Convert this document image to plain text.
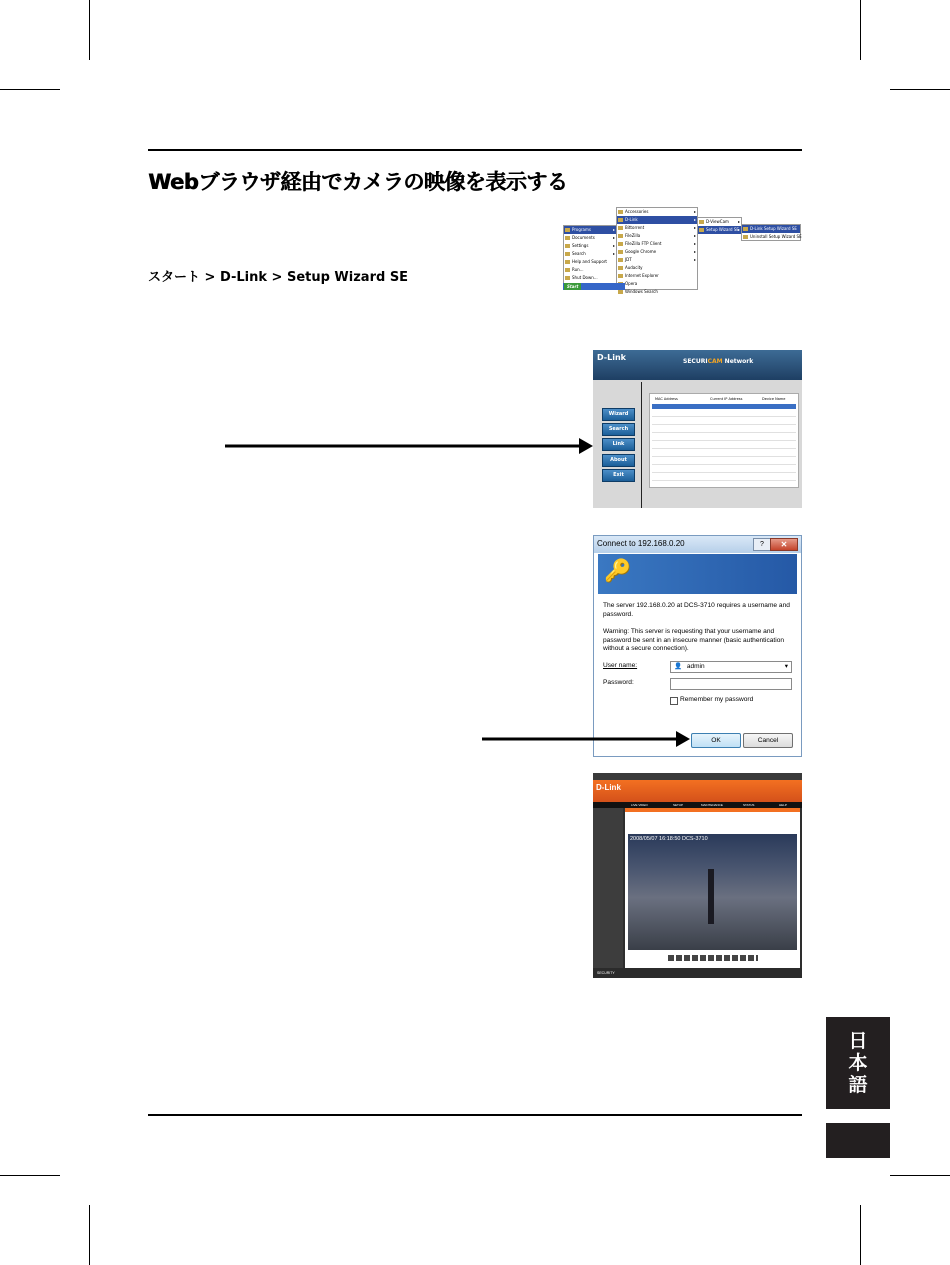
Webブラウザ経由でカメラの映像を表示する
スタート > D-Link > Setup Wizard SE
Programs ▸
Documents ▸
Settings ▸
Search ▸
Help and Support
Run...
Shut Down...
Accessories ▸
D-Link ▸
Bittorrent ▸
FileZilla ▸
FileZilla FTP Client ▸
Google Chrome ▸
JDT ▸
Audacity
Internet Explorer
Opera
Windows Search
D-ViewCam ▸
Setup Wizard SE ▸	D-Link Setup Wizard SE
Uninstall Setup Wizard SE
Start
D-Link	SECURICAM Network
Wizard
Search
Link
About
Exit
MAC Address	Current IP Address	Device Name
Connect to 192.168.0.20	?	✕
🔑
The server 192.168.0.20 at DCS-3710 requires a username and password.
Warning: This server is requesting that your username and password be sent in an insecure manner (basic authentication without a secure connection).
User name:	👤 admin	▾
Password:
Remember my password
OK	Cancel
D-Link
LIVE VIDEO	SETUP	MAINTENANCE	STATUS	HELP
2008/05/07 16:18:50 DCS-3710
SECURITY
日
本
語
